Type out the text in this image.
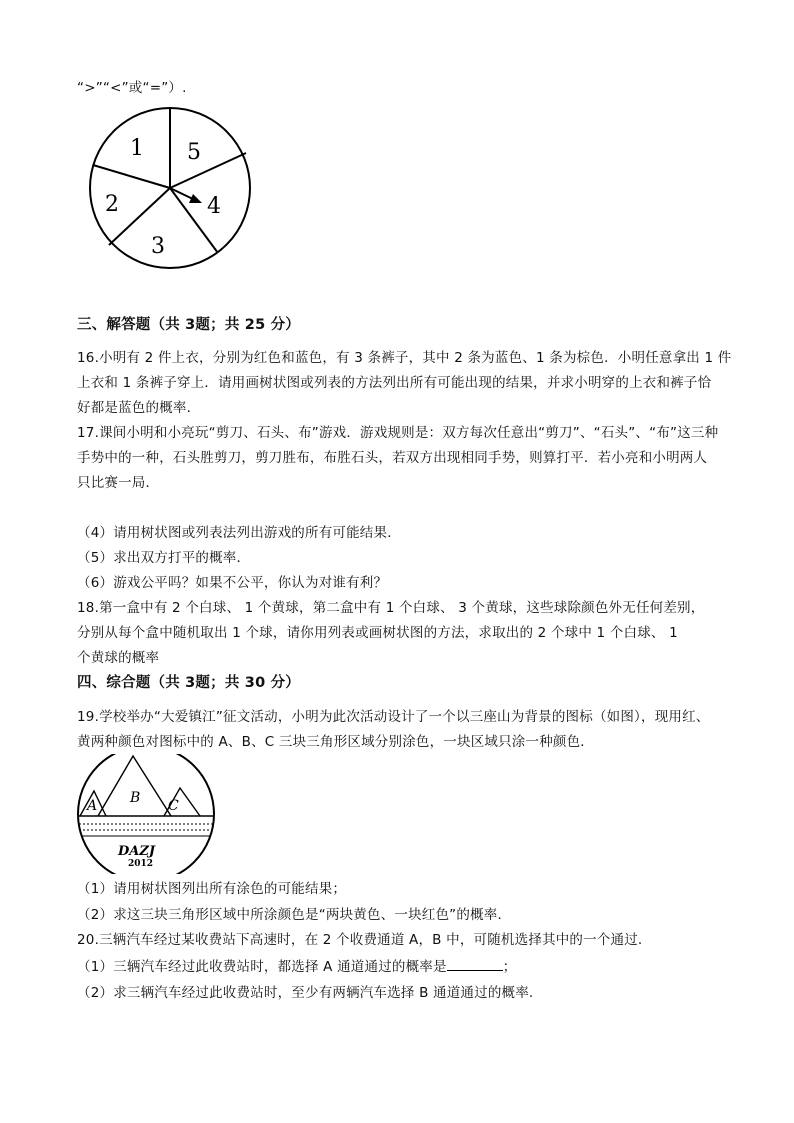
“>”“<”或“=”）.
1 5
4
3
2
三、解答题（共 3题；共 25 分）
16.小明有 2 件上衣，分别为红色和蓝色，有 3 条裤子，其中 2 条为蓝色、1 条为棕色．小明任意拿出 1 件
上衣和 1 条裤子穿上．请用画树状图或列表的方法列出所有可能出现的结果，并求小明穿的上衣和裤子恰
好都是蓝色的概率．
17.课间小明和小亮玩“剪刀、石头、布”游戏．游戏规则是：双方每次任意出“剪刀”、“石头”、“布”这三种
手势中的一种，石头胜剪刀，剪刀胜布，布胜石头，若双方出现相同手势，则算打平．若小亮和小明两人
只比赛一局．
（4）请用树状图或列表法列出游戏的所有可能结果．
（5）求出双方打平的概率．
（6）游戏公平吗？如果不公平，你认为对谁有利？
18.第一盒中有 2 个白球、 1 个黄球，第二盒中有 1 个白球、 3 个黄球，这些球除颜色外无任何差别，
分别从每个盒中随机取出 1 个球，请你用列表或画树状图的方法，求取出的 2 个球中 1 个白球、 1
个黄球的概率
四、综合题（共 3题；共 30 分）
19.学校举办“大爱镇江”征文活动，小明为此次活动设计了一个以三座山为背景的图标（如图），现用红、
黄两种颜色对图标中的 A、B、C 三块三角形区域分别涂色，一块区域只涂一种颜色．
A B C
DAZJ
2012
（1）请用树状图列出所有涂色的可能结果；
（2）求这三块三角形区域中所涂颜色是“两块黄色、一块红色”的概率．
20.三辆汽车经过某收费站下高速时，在 2 个收费通道 A，B 中，可随机选择其中的一个通过.
（1）三辆汽车经过此收费站时，都选择 A 通道通过的概率是	；
（2）求三辆汽车经过此收费站时，至少有两辆汽车选择 B 通道通过的概率.
